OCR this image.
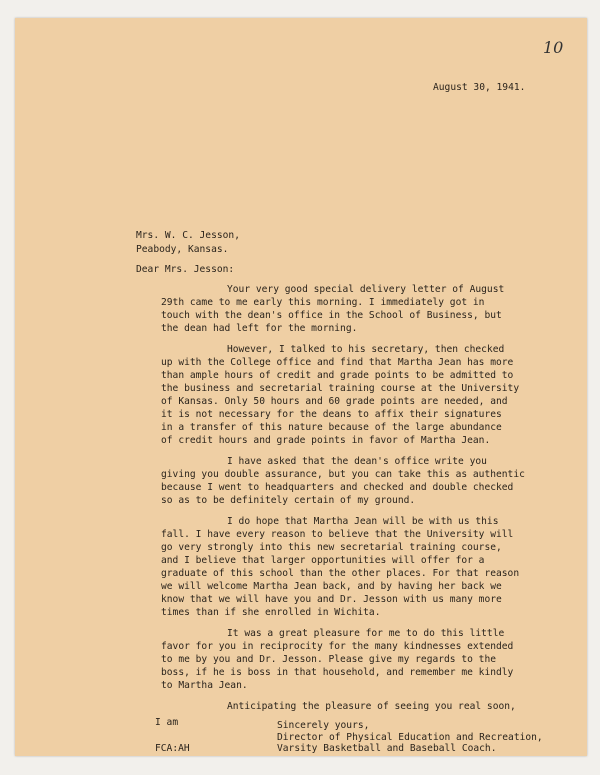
10
August 30, 1941.
Mrs. W. C. Jesson,
Peabody, Kansas.
Dear Mrs. Jesson:
Your very good special delivery letter of August
29th came to me early this morning. I immediately got in
touch with the dean's office in the School of Business, but
the dean had left for the morning.
However, I talked to his secretary, then checked
up with the College office and find that Martha Jean has more
than ample hours of credit and grade points to be admitted to
the business and secretarial training course at the University
of Kansas. Only 50 hours and 60 grade points are needed, and
it is not necessary for the deans to affix their signatures
in a transfer of this nature because of the large abundance
of credit hours and grade points in favor of Martha Jean.
I have asked that the dean's office write you
giving you double assurance, but you can take this as authentic
because I went to headquarters and checked and double checked
so as to be definitely certain of my ground.
I do hope that Martha Jean will be with us this
fall. I have every reason to believe that the University will
go very strongly into this new secretarial training course,
and I believe that larger opportunities will offer for a
graduate of this school than the other places. For that reason
we will welcome Martha Jean back, and by having her back we
know that we will have you and Dr. Jesson with us many more
times than if she enrolled in Wichita.
It was a great pleasure for me to do this little
favor for you in reciprocity for the many kindnesses extended
to me by you and Dr. Jesson. Please give my regards to the
boss, if he is boss in that household, and remember me kindly
to Martha Jean.
Anticipating the pleasure of seeing you real soon,
I am	Sincerely yours,
Director of Physical Education and Recreation,
Varsity Basketball and Baseball Coach.
FCA:AH
